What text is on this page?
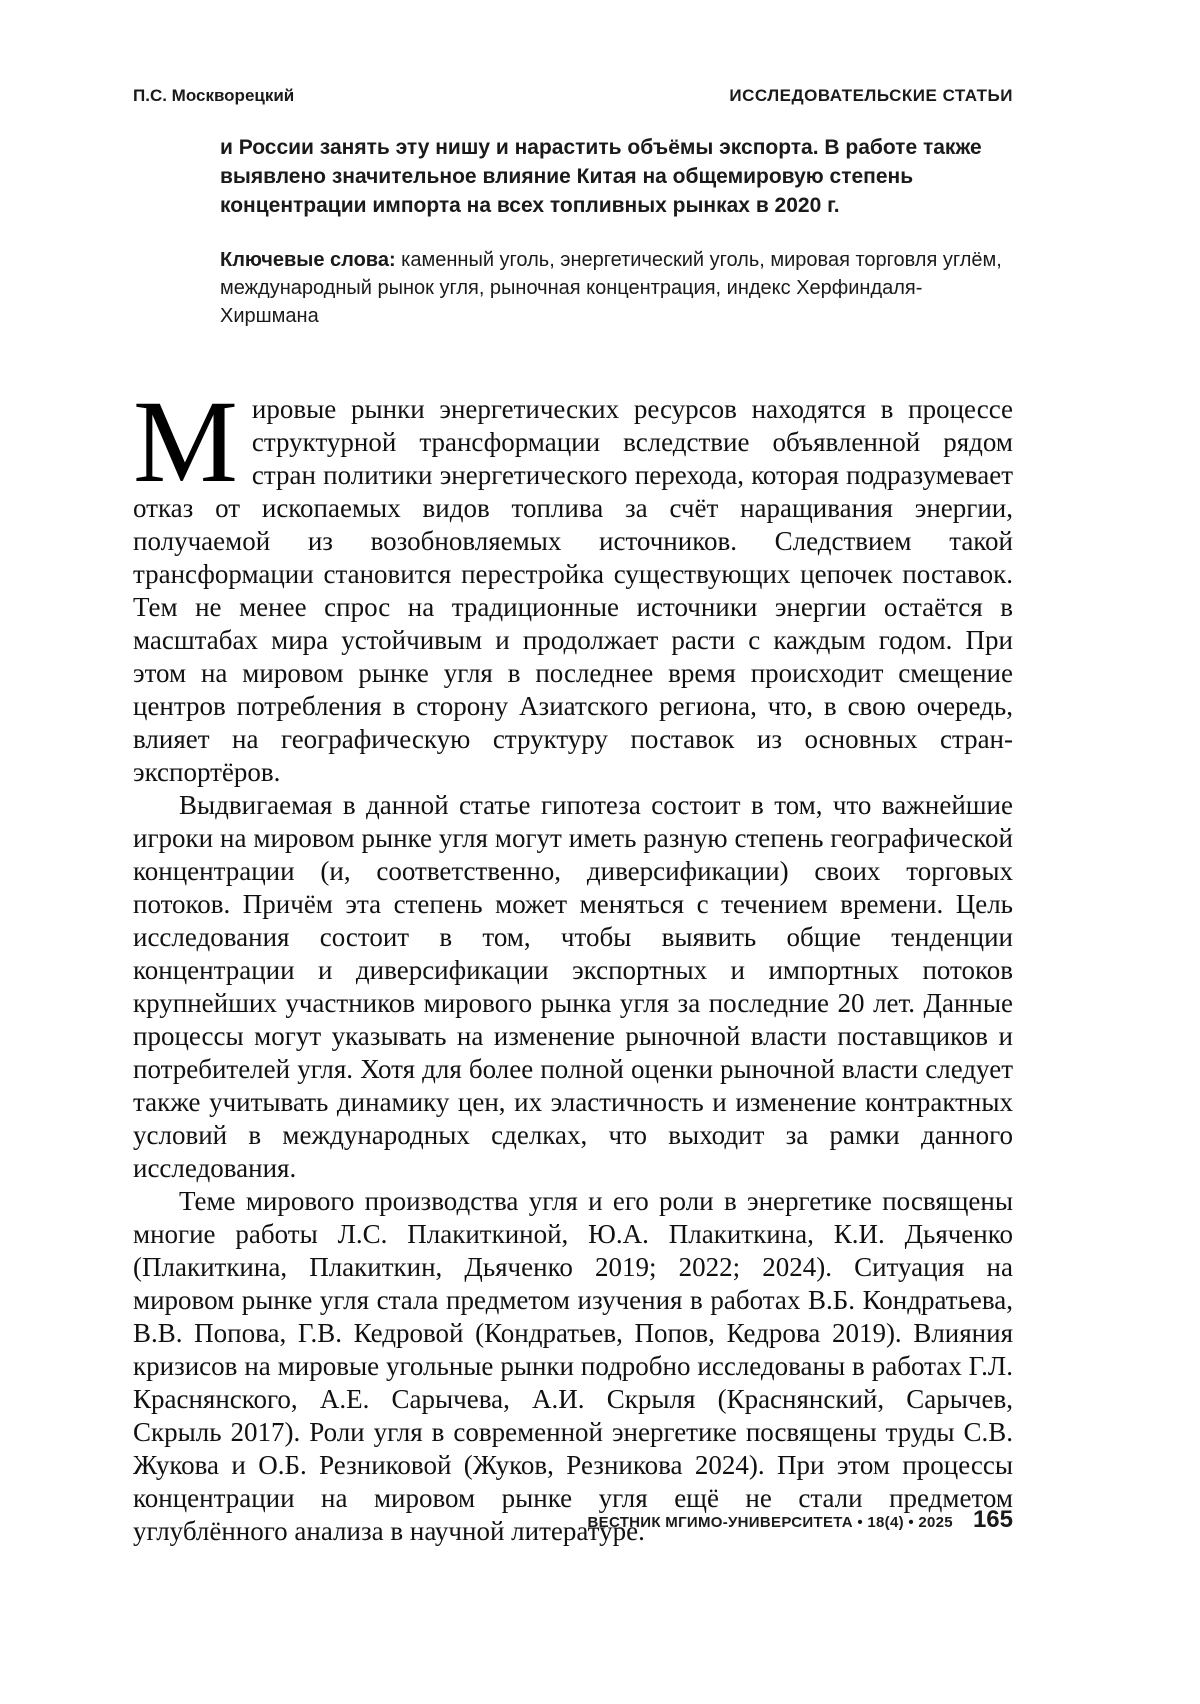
П.С. Москворецкий	ИССЛЕДОВАТЕЛЬСКИЕ СТАТЬИ

и России занять эту нишу и нарастить объёмы экспорта. В работе также выявлено значительное влияние Китая на общемировую степень концентрации импорта на всех топливных рынках в 2020 г.

Ключевые слова: каменный уголь, энергетический уголь, мировая торговля углём, международный рынок угля, рыночная концентрация, индекс Херфиндаля-Хиршмана

Мировые рынки энергетических ресурсов находятся в процессе структурной трансформации вследствие объявленной рядом стран политики энергетического перехода, которая подразумевает отказ от ископаемых видов топлива за счёт наращивания энергии, получаемой из возобновляемых источников. Следствием такой трансформации становится перестройка существующих цепочек поставок. Тем не менее спрос на традиционные источники энергии остаётся в масштабах мира устойчивым и продолжает расти с каждым годом. При этом на мировом рынке угля в последнее время происходит смещение центров потребления в сторону Азиатского региона, что, в свою очередь, влияет на географическую структуру поставок из основных стран-экспортёров.

Выдвигаемая в данной статье гипотеза состоит в том, что важнейшие игроки на мировом рынке угля могут иметь разную степень географической концентрации (и, соответственно, диверсификации) своих торговых потоков. Причём эта степень может меняться с течением времени. Цель исследования состоит в том, чтобы выявить общие тенденции концентрации и диверсификации экспортных и импортных потоков крупнейших участников мирового рынка угля за последние 20 лет. Данные процессы могут указывать на изменение рыночной власти поставщиков и потребителей угля. Хотя для более полной оценки рыночной власти следует также учитывать динамику цен, их эластичность и изменение контрактных условий в международных сделках, что выходит за рамки данного исследования.

Теме мирового производства угля и его роли в энергетике посвящены многие работы Л.С. Плакиткиной, Ю.А. Плакиткина, К.И. Дьяченко (Плакиткина, Плакиткин, Дьяченко 2019; 2022; 2024). Ситуация на мировом рынке угля стала предметом изучения в работах В.Б. Кондратьева, В.В. Попова, Г.В. Кедровой (Кондратьев, Попов, Кедрова 2019). Влияния кризисов на мировые угольные рынки подробно исследованы в работах Г.Л. Краснянского, А.Е. Сарычева, А.И. Скрыля (Краснянский, Сарычев, Скрыль 2017). Роли угля в современной энергетике посвящены труды С.В. Жукова и О.Б. Резниковой (Жуков, Резникова 2024). При этом процессы концентрации на мировом рынке угля ещё не стали предметом углублённого анализа в научной литературе.

ВЕСТНИК МГИМО-УНИВЕРСИТЕТА • 18(4) • 2025 165
